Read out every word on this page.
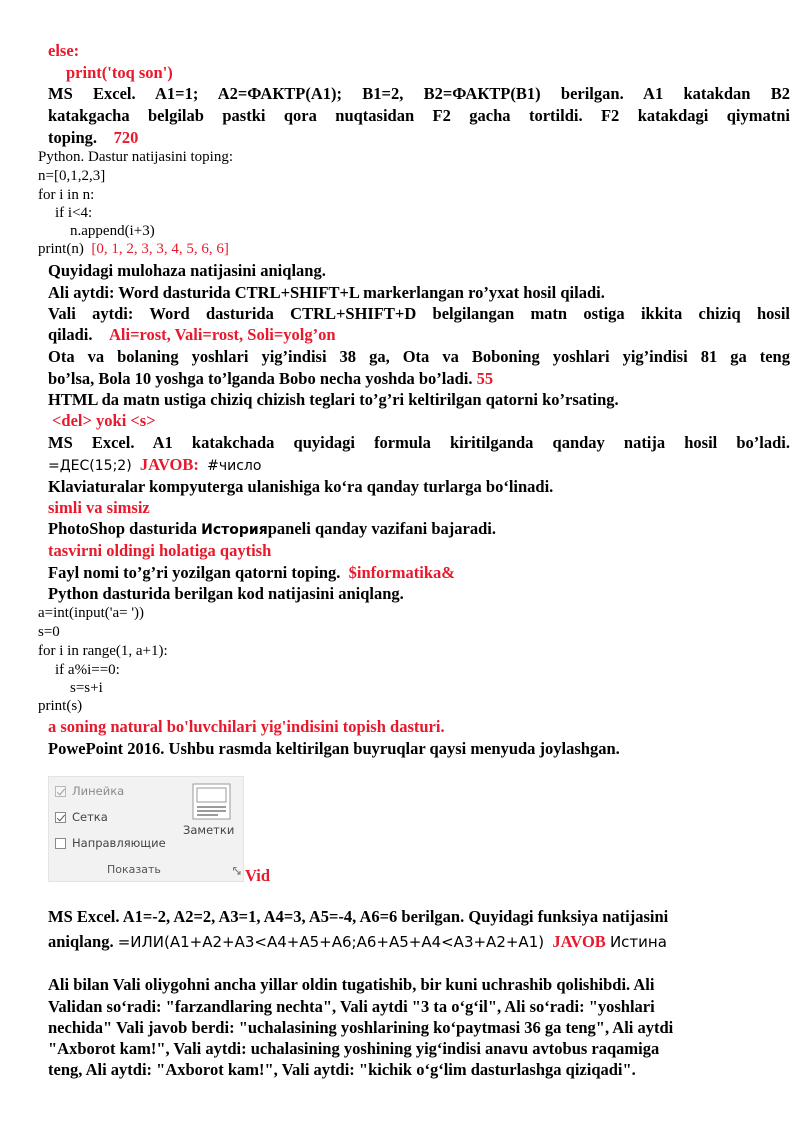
else:
print('toq son')
MS Excel. A1=1; A2=ФАКТР(A1); B1=2, B2=ФАКТР(B1) berilgan. A1 katakdan B2
katakgacha belgilab pastki qora nuqtasidan F2 gacha tortildi. F2 katakdagi qiymatni
toping. 720
Python. Dastur natijasini toping:
n=[0,1,2,3]
for i in n:
if i<4:
n.append(i+3)
print(n) [0, 1, 2, 3, 3, 4, 5, 6, 6]
Quyidagi mulohaza natijasini aniqlang.
Ali aytdi: Word dasturida CTRL+SHIFT+L markerlangan ro’yxat hosil qiladi.
Vali aytdi: Word dasturida CTRL+SHIFT+D belgilangan matn ostiga ikkita chiziq hosil
qiladi. Ali=rost, Vali=rost, Soli=yolg’on
Ota va bolaning yoshlari yig’indisi 38 ga, Ota va Boboning yoshlari yig’indisi 81 ga teng
bo’lsa, Bola 10 yoshga to’lganda Bobo necha yoshda bo’ladi. 55
HTML da matn ustiga chiziq chizish teglari to’g’ri keltirilgan qatorni ko’rsating.
<del> yoki <s>
MS Excel. A1 katakchada quyidagi formula kiritilganda qanday natija hosil bo’ladi.
=ДЕС(15;2) JAVOB: #число
Klaviaturalar kompyuterga ulanishiga ko‘ra qanday turlarga bo‘linadi.
simli va simsiz
PhotoShop dasturida Историяpaneli qanday vazifani bajaradi.
tasvirni oldingi holatiga qaytish
Fayl nomi to’g’ri yozilgan qatorni toping. $informatika&
Python dasturida berilgan kod natijasini aniqlang.
a=int(input('a= '))
s=0
for i in range(1, a+1):
if a%i==0:
s=s+i
print(s)
a soning natural bo'luvchilari yig'indisini topish dasturi.
PowePoint 2016. Ushbu rasmda keltirilgan buyruqlar qaysi menyuda joylashgan.
Линейка
Сетка
Направляющие
Заметки
Показать	Vid
MS Excel. A1=-2, A2=2, A3=1, A4=3, A5=-4, A6=6 berilgan. Quyidagi funksiya natijasini
aniqlang. =ИЛИ(A1+A2+A3<A4+A5+A6;A6+A5+A4<A3+A2+A1) JAVOB Истина
Ali bilan Vali oliygohni ancha yillar oldin tugatishib, bir kuni uchrashib qolishibdi. Ali
Validan so‘radi: "farzandlaring nechta", Vali aytdi "3 ta o‘g‘il", Ali so‘radi: "yoshlari
nechida" Vali javob berdi: "uchalasining yoshlarining ko‘paytmasi 36 ga teng", Ali aytdi
"Axborot kam!", Vali aytdi: uchalasining yoshining yig‘indisi anavu avtobus raqamiga
teng, Ali aytdi: "Axborot kam!", Vali aytdi: "kichik o‘g‘lim dasturlashga qiziqadi".
